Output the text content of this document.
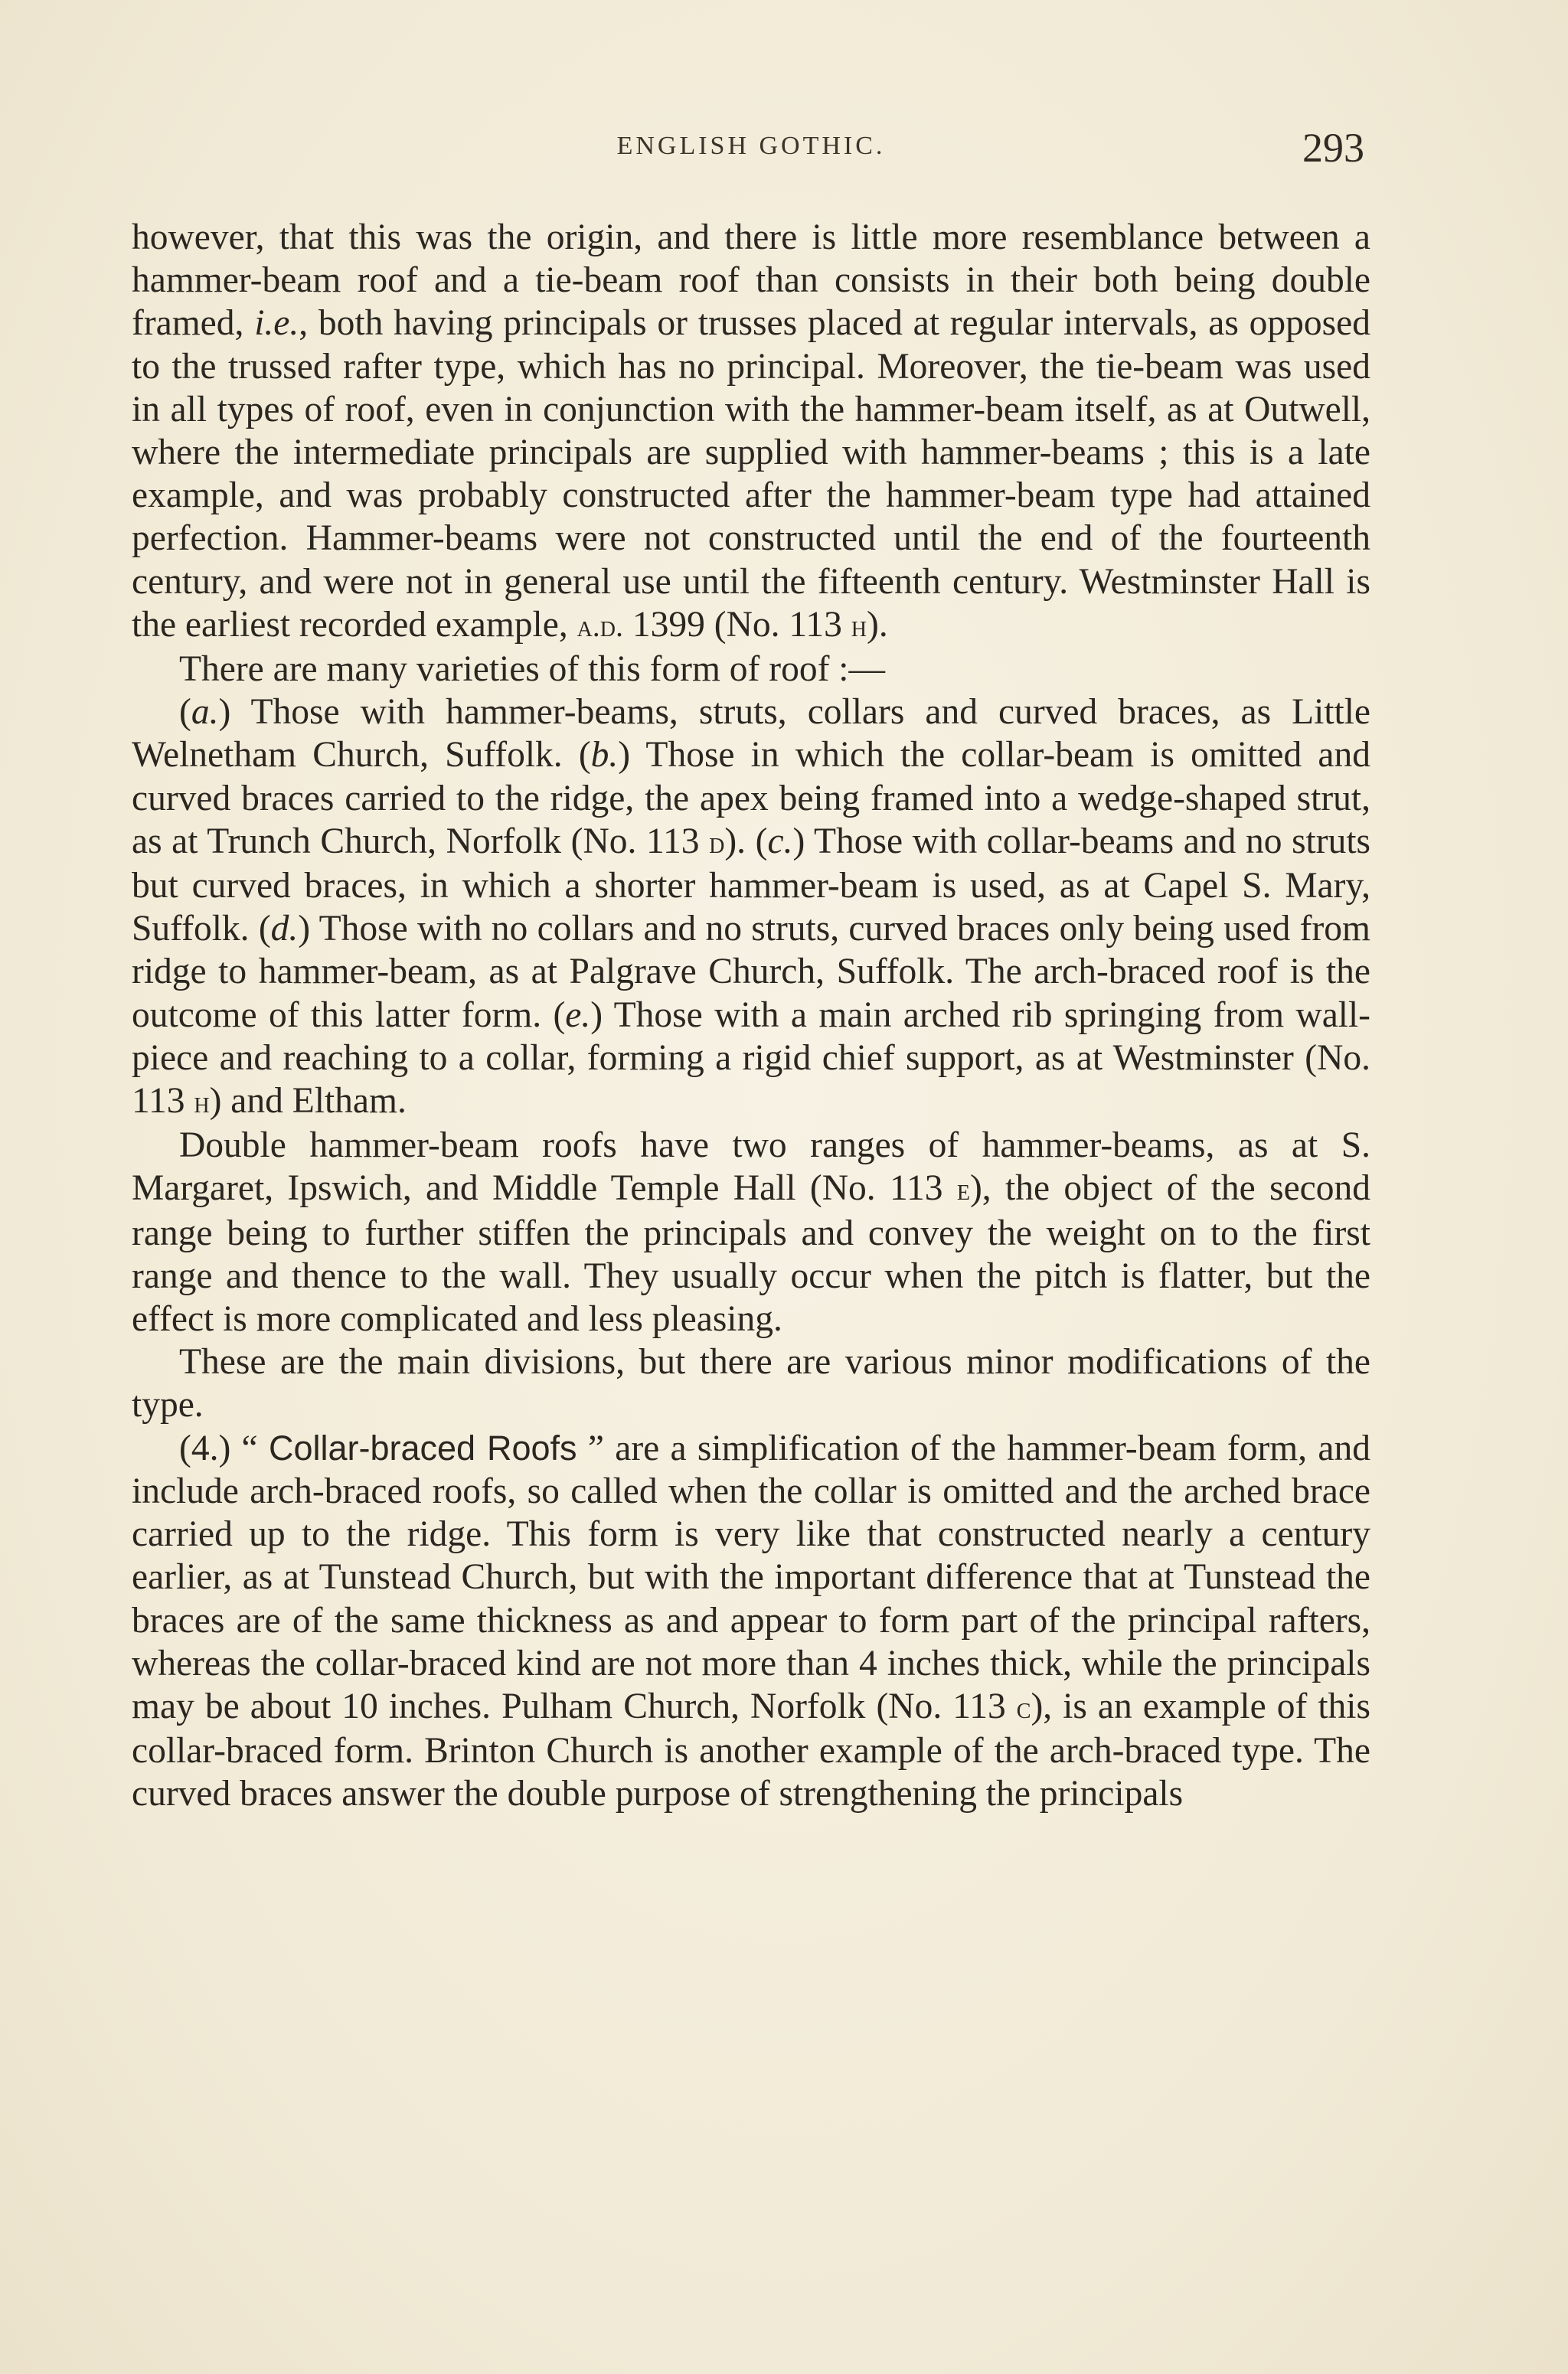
ENGLISH GOTHIC.	293

however, that this was the origin, and there is little more resemblance between a hammer-beam roof and a tie-beam roof than consists in their both being double framed, i.e., both having principals or trusses placed at regular intervals, as opposed to the trussed rafter type, which has no principal. Moreover, the tie-beam was used in all types of roof, even in conjunction with the hammer-beam itself, as at Outwell, where the intermediate principals are supplied with hammer-beams ; this is a late example, and was probably constructed after the hammer-beam type had attained perfection. Hammer-beams were not constructed until the end of the fourteenth century, and were not in general use until the fifteenth century. Westminster Hall is the earliest recorded example, a.d. 1399 (No. 113 h).

There are many varieties of this form of roof :—

(a.) Those with hammer-beams, struts, collars and curved braces, as Little Welnetham Church, Suffolk. (b.) Those in which the collar-beam is omitted and curved braces carried to the ridge, the apex being framed into a wedge-shaped strut, as at Trunch Church, Norfolk (No. 113 d). (c.) Those with collar-beams and no struts but curved braces, in which a shorter hammer-beam is used, as at Capel S. Mary, Suffolk. (d.) Those with no collars and no struts, curved braces only being used from ridge to hammer-beam, as at Palgrave Church, Suffolk. The arch-braced roof is the outcome of this latter form. (e.) Those with a main arched rib springing from wall-piece and reaching to a collar, forming a rigid chief support, as at Westminster (No. 113 h) and Eltham.

Double hammer-beam roofs have two ranges of hammer-beams, as at S. Margaret, Ipswich, and Middle Temple Hall (No. 113 e), the object of the second range being to further stiffen the principals and convey the weight on to the first range and thence to the wall. They usually occur when the pitch is flatter, but the effect is more complicated and less pleasing.

These are the main divisions, but there are various minor modifications of the type.

(4.) “ Collar-braced Roofs ” are a simplification of the hammer-beam form, and include arch-braced roofs, so called when the collar is omitted and the arched brace carried up to the ridge. This form is very like that constructed nearly a century earlier, as at Tunstead Church, but with the important difference that at Tunstead the braces are of the same thickness as and appear to form part of the principal rafters, whereas the collar-braced kind are not more than 4 inches thick, while the principals may be about 10 inches. Pulham Church, Norfolk (No. 113 c), is an example of this collar-braced form. Brinton Church is another example of the arch-braced type. The curved braces answer the double purpose of strengthening the principals
